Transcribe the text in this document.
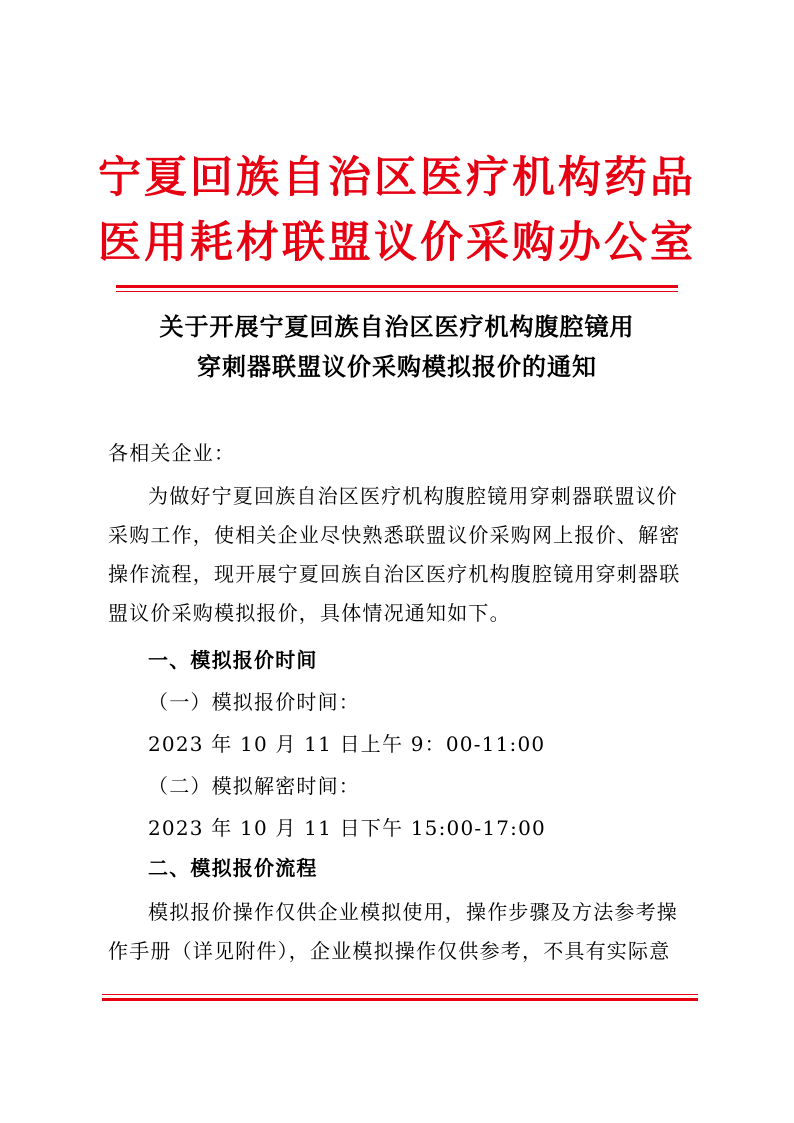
宁夏回族自治区医疗机构药品
医用耗材联盟议价采购办公室
关于开展宁夏回族自治区医疗机构腹腔镜用
穿刺器联盟议价采购模拟报价的通知
各相关企业：
为做好宁夏回族自治区医疗机构腹腔镜用穿刺器联盟议价
采购工作，使相关企业尽快熟悉联盟议价采购网上报价、解密
操作流程，现开展宁夏回族自治区医疗机构腹腔镜用穿刺器联
盟议价采购模拟报价，具体情况通知如下。
一、模拟报价时间
（一）模拟报价时间：
2023 年 10 月 11 日上午 9：00-11:00
（二）模拟解密时间：
2023 年 10 月 11 日下午 15:00-17:00
二、模拟报价流程
模拟报价操作仅供企业模拟使用，操作步骤及方法参考操
作手册（详见附件），企业模拟操作仅供参考，不具有实际意
